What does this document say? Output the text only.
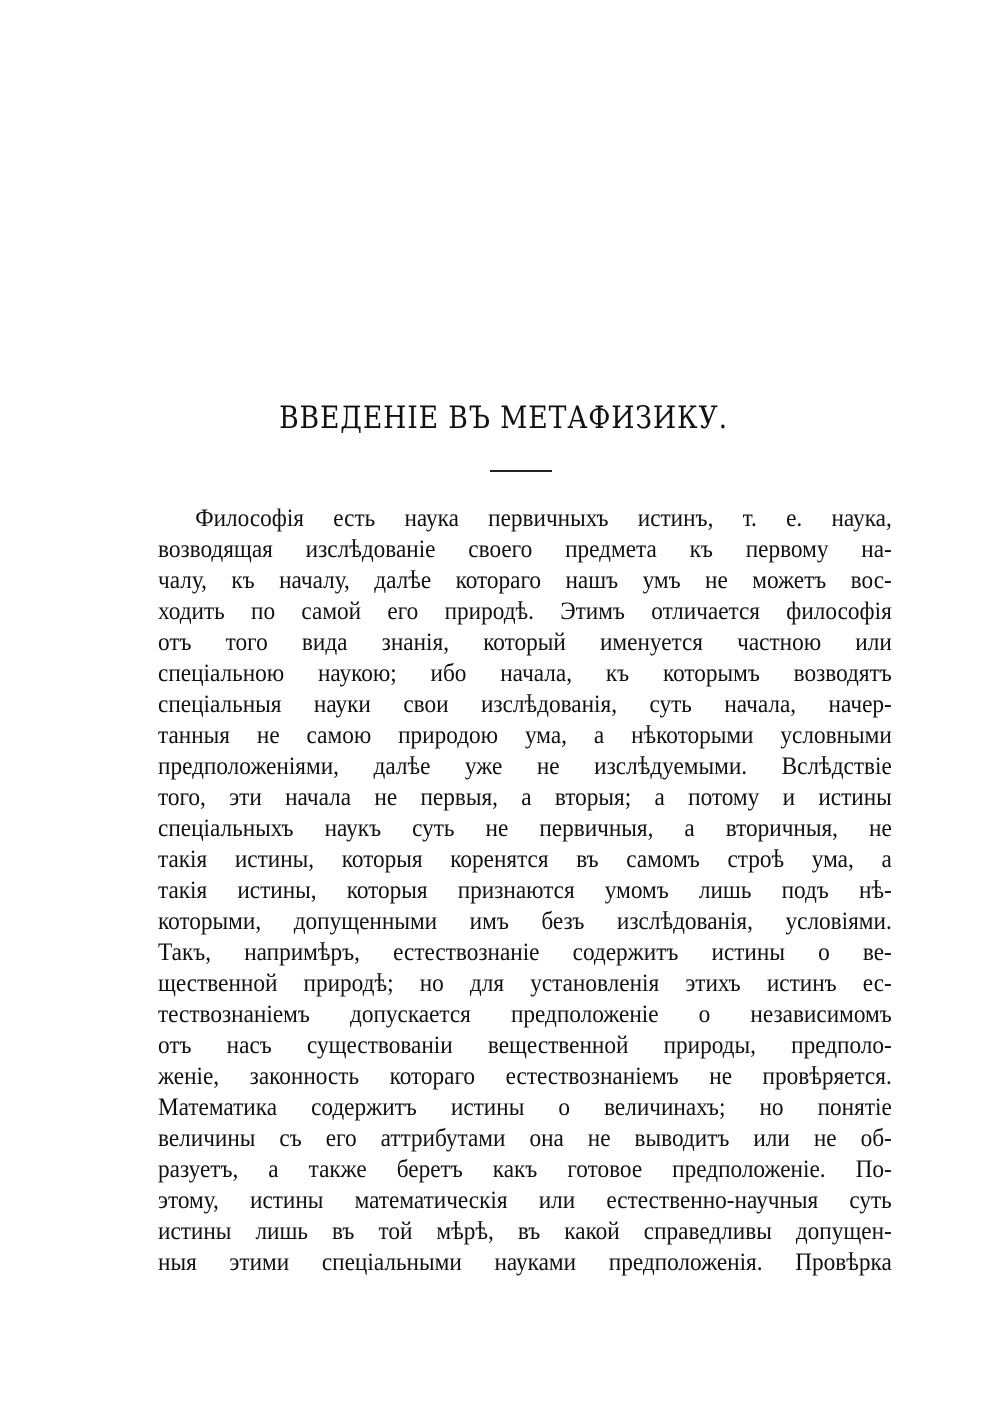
ВВЕДЕНІЕ ВЪ МЕТАФИЗИКУ.
Философія есть наука первичныхъ истинъ, т. е. наука,
возводящая изслѣдованіе своего предмета къ первому на-
чалу, къ началу, далѣе котораго нашъ умъ не можетъ вос-
ходить по самой его природѣ. Этимъ отличается философія
отъ того вида знанія, который именуется частною или
спеціальною наукою; ибо начала, къ которымъ возводятъ
спеціальныя науки свои изслѣдованія, суть начала, начер-
танныя не самою природою ума, а нѣкоторыми условными
предположеніями, далѣе уже не изслѣдуемыми. Вслѣдствіе
того, эти начала не первыя, а вторыя; а потому и истины
спеціальныхъ наукъ суть не первичныя, а вторичныя, не
такія истины, которыя коренятся въ самомъ строѣ ума, а
такія истины, которыя признаются умомъ лишь подъ нѣ-
которыми, допущенными имъ безъ изслѣдованія, условіями.
Такъ, напримѣръ, естествознаніе содержитъ истины о ве-
щественной природѣ; но для установленія этихъ истинъ ес-
тествознаніемъ допускается предположеніе о независимомъ
отъ насъ существованіи вещественной природы, предполо-
женіе, законность котораго естествознаніемъ не провѣряется.
Математика содержитъ истины о величинахъ; но понятіе
величины съ его аттрибутами она не выводитъ или не об-
разуетъ, а также беретъ какъ готовое предположеніе. По-
этому, истины математическія или естественно-научныя суть
истины лишь въ той мѣрѣ, въ какой справедливы допущен-
ныя этими спеціальными науками предположенія. Провѣрка
